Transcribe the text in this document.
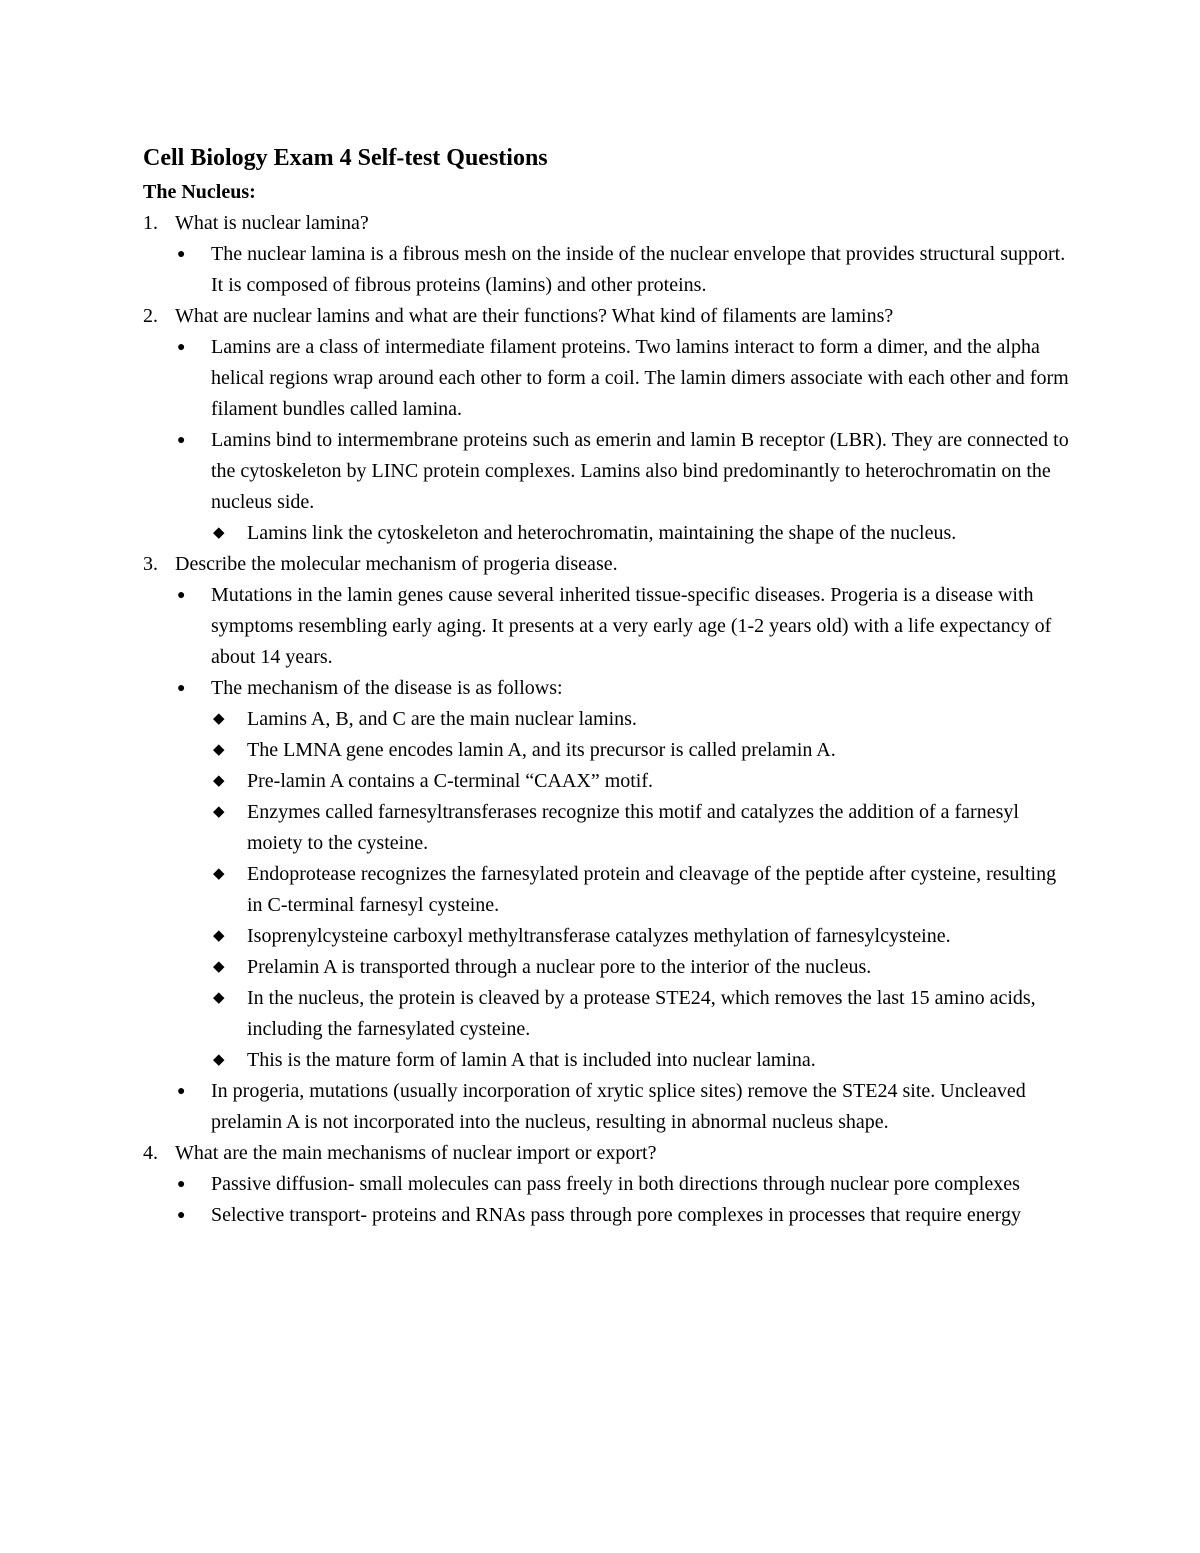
Cell Biology Exam 4 Self-test Questions
The Nucleus:
1. What is nuclear lamina?
● The nuclear lamina is a fibrous mesh on the inside of the nuclear envelope that provides structural support. It is composed of fibrous proteins (lamins) and other proteins.
2. What are nuclear lamins and what are their functions? What kind of filaments are lamins?
● Lamins are a class of intermediate filament proteins. Two lamins interact to form a dimer, and the alpha helical regions wrap around each other to form a coil. The lamin dimers associate with each other and form filament bundles called lamina.
● Lamins bind to intermembrane proteins such as emerin and lamin B receptor (LBR). They are connected to the cytoskeleton by LINC protein complexes. Lamins also bind predominantly to heterochromatin on the nucleus side.
◆ Lamins link the cytoskeleton and heterochromatin, maintaining the shape of the nucleus.
3. Describe the molecular mechanism of progeria disease.
● Mutations in the lamin genes cause several inherited tissue-specific diseases. Progeria is a disease with symptoms resembling early aging. It presents at a very early age (1-2 years old) with a life expectancy of about 14 years.
● The mechanism of the disease is as follows:
◆ Lamins A, B, and C are the main nuclear lamins.
◆ The LMNA gene encodes lamin A, and its precursor is called prelamin A.
◆ Pre-lamin A contains a C-terminal “CAAX” motif.
◆ Enzymes called farnesyltransferases recognize this motif and catalyzes the addition of a farnesyl moiety to the cysteine.
◆ Endoprotease recognizes the farnesylated protein and cleavage of the peptide after cysteine, resulting in C-terminal farnesyl cysteine.
◆ Isoprenylcysteine carboxyl methyltransferase catalyzes methylation of farnesylcysteine.
◆ Prelamin A is transported through a nuclear pore to the interior of the nucleus.
◆ In the nucleus, the protein is cleaved by a protease STE24, which removes the last 15 amino acids, including the farnesylated cysteine.
◆ This is the mature form of lamin A that is included into nuclear lamina.
● In progeria, mutations (usually incorporation of xrytic splice sites) remove the STE24 site. Uncleaved prelamin A is not incorporated into the nucleus, resulting in abnormal nucleus shape.
4. What are the main mechanisms of nuclear import or export?
● Passive diffusion- small molecules can pass freely in both directions through nuclear pore complexes
● Selective transport- proteins and RNAs pass through pore complexes in processes that require energy
